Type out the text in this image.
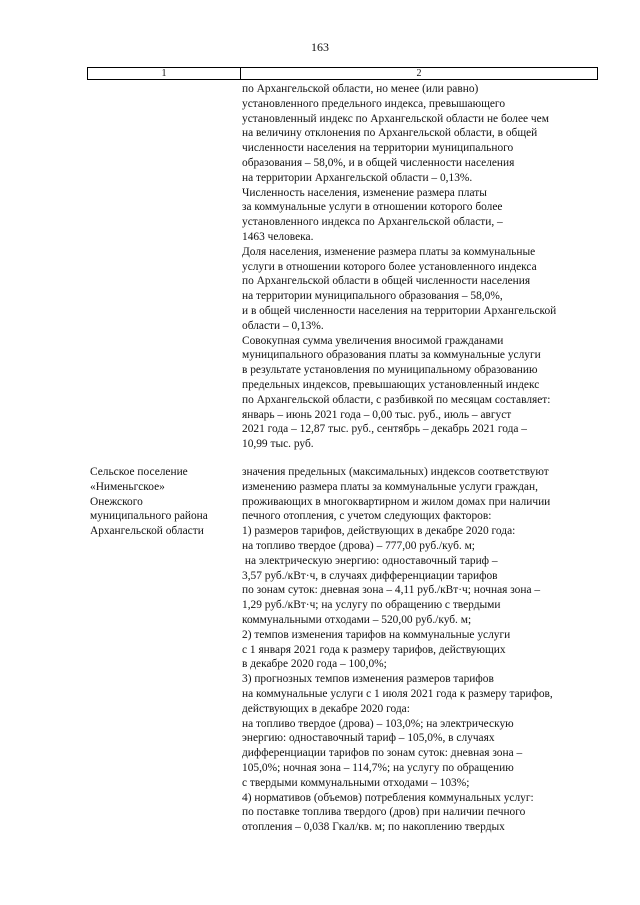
163
1	2
по Архангельской области, но менее (или равно)
установленного предельного индекса, превышающего
установленный индекс по Архангельской области не более чем
на величину отклонения по Архангельской области, в общей
численности населения на территории муниципального
образования – 58,0%, и в общей численности населения
на территории Архангельской области – 0,13%.
Численность населения, изменение размера платы
за коммунальные услуги в отношении которого более
установленного индекса по Архангельской области, –
1463 человека.
Доля населения, изменение размера платы за коммунальные
услуги в отношении которого более установленного индекса
по Архангельской области в общей численности населения
на территории муниципального образования – 58,0%,
и в общей численности населения на территории Архангельской
области – 0,13%.
Совокупная сумма увеличения вносимой гражданами
муниципального образования платы за коммунальные услуги
в результате установления по муниципальному образованию
предельных индексов, превышающих установленный индекс
по Архангельской области, с разбивкой по месяцам составляет:
январь – июнь 2021 года – 0,00 тыс. руб., июль – август
2021 года – 12,87 тыс. руб., сентябрь – декабрь 2021 года –
10,99 тыс. руб.
Сельское поселение
«Нименьгское»
Онежского
муниципального района
Архангельской области
значения предельных (максимальных) индексов соответствуют
изменению размера платы за коммунальные услуги граждан,
проживающих в многоквартирном и жилом домах при наличии
печного отопления, с учетом следующих факторов:
1) размеров тарифов, действующих в декабре 2020 года:
на топливо твердое (дрова) – 777,00 руб./куб. м;
на электрическую энергию: одноставочный тариф –
3,57 руб./кВт·ч, в случаях дифференциации тарифов
по зонам суток: дневная зона – 4,11 руб./кВт·ч; ночная зона –
1,29 руб./кВт·ч; на услугу по обращению с твердыми
коммунальными отходами – 520,00 руб./куб. м;
2) темпов изменения тарифов на коммунальные услуги
с 1 января 2021 года к размеру тарифов, действующих
в декабре 2020 года – 100,0%;
3) прогнозных темпов изменения размеров тарифов
на коммунальные услуги с 1 июля 2021 года к размеру тарифов,
действующих в декабре 2020 года:
на топливо твердое (дрова) – 103,0%; на электрическую
энергию: одноставочный тариф – 105,0%, в случаях
дифференциации тарифов по зонам суток: дневная зона –
105,0%; ночная зона – 114,7%; на услугу по обращению
с твердыми коммунальными отходами – 103%;
4) нормативов (объемов) потребления коммунальных услуг:
по поставке топлива твердого (дров) при наличии печного
отопления – 0,038 Гкал/кв. м; по накоплению твердых
